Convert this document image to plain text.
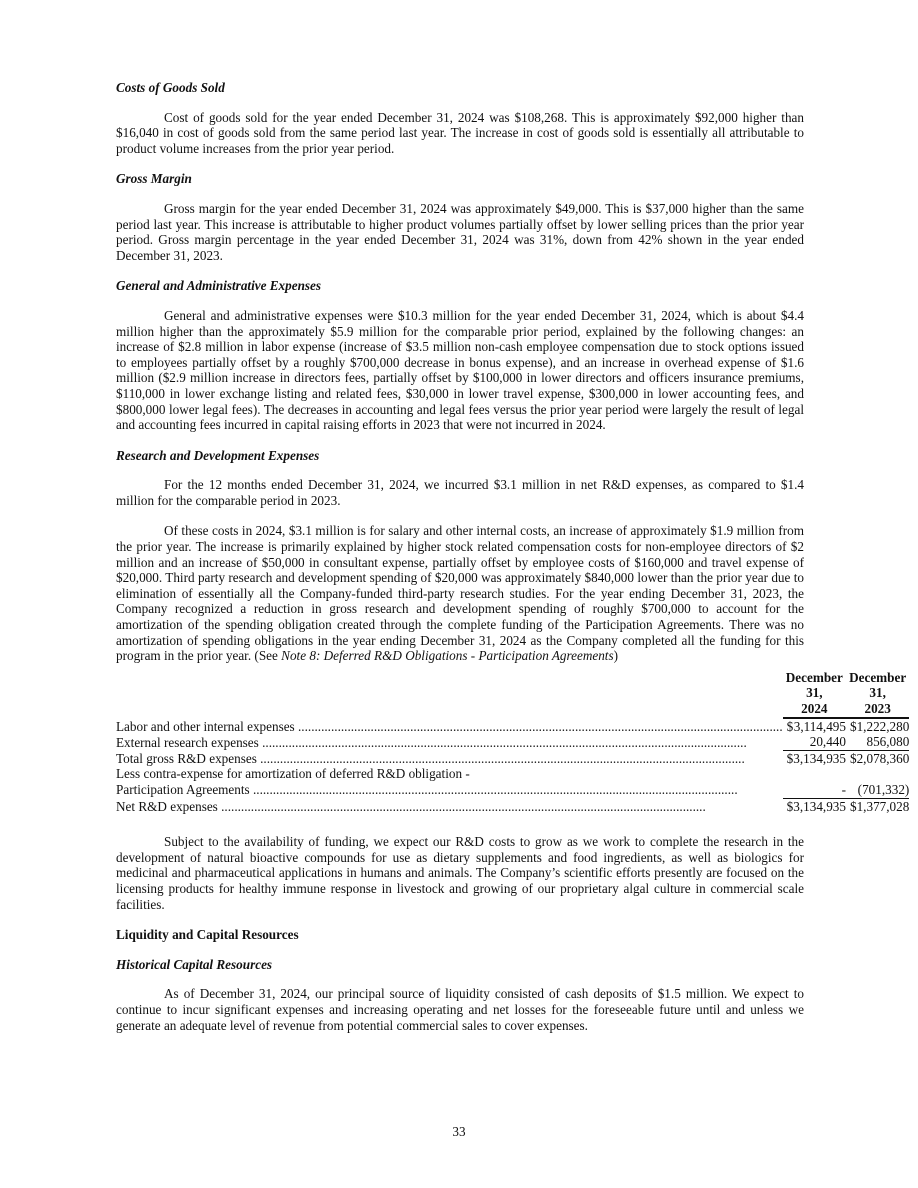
Costs of Goods Sold

Cost of goods sold for the year ended December 31, 2024 was $108,268. This is approximately $92,000 higher than $16,040 in cost of goods sold from the same period last year. The increase in cost of goods sold is essentially all attributable to product volume increases from the prior year period.

Gross Margin

Gross margin for the year ended December 31, 2024 was approximately $49,000. This is $37,000 higher than the same period last year. This increase is attributable to higher product volumes partially offset by lower selling prices than the prior year period. Gross margin percentage in the year ended December 31, 2024 was 31%, down from 42% shown in the year ended December 31, 2023.

General and Administrative Expenses

General and administrative expenses were $10.3 million for the year ended December 31, 2024, which is about $4.4 million higher than the approximately $5.9 million for the comparable prior period, explained by the following changes: an increase of $2.8 million in labor expense (increase of $3.5 million non-cash employee compensation due to stock options issued to employees partially offset by a roughly $700,000 decrease in bonus expense), and an increase in overhead expense of $1.6 million ($2.9 million increase in directors fees, partially offset by $100,000 in lower directors and officers insurance premiums, $110,000 in lower exchange listing and related fees, $30,000 in lower travel expense, $300,000 in lower accounting fees, and $800,000 lower legal fees). The decreases in accounting and legal fees versus the prior year period were largely the result of legal and accounting fees incurred in capital raising efforts in 2023 that were not incurred in 2024.

Research and Development Expenses

For the 12 months ended December 31, 2024, we incurred $3.1 million in net R&D expenses, as compared to $1.4 million for the comparable period in 2023.

Of these costs in 2024, $3.1 million is for salary and other internal costs, an increase of approximately $1.9 million from the prior year. The increase is primarily explained by higher stock related compensation costs for non-employee directors of $2 million and an increase of $50,000 in consultant expense, partially offset by employee costs of $160,000 and travel expense of $20,000. Third party research and development spending of $20,000 was approximately $840,000 lower than the prior year due to elimination of essentially all the Company-funded third-party research studies. For the year ending December 31, 2023, the Company recognized a reduction in gross research and development spending of roughly $700,000 to account for the amortization of the spending obligation created through the complete funding of the Participation Agreements. There was no amortization of spending obligations in the year ending December 31, 2024 as the Company completed all the funding for this program in the prior year. (See Note 8: Deferred R&D Obligations - Participation Agreements)

December 31,
2024

December 31,
2023

Labor and other internal expenses .....	$	3,114,495		$	1,222,280
External research expenses .....		20,440			856,080
Total gross R&D expenses .....	$	3,134,935		$	2,078,360
Less contra-expense for amortization of deferred R&D obligation -					
Participation Agreements .....		-			(701,332)
Net R&D expenses .....	$	3,134,935		$	1,377,028

Subject to the availability of funding, we expect our R&D costs to grow as we work to complete the research in the development of natural bioactive compounds for use as dietary supplements and food ingredients, as well as biologics for medicinal and pharmaceutical applications in humans and animals. The Company’s scientific efforts presently are focused on the licensing products for healthy immune response in livestock and growing of our proprietary algal culture in commercial scale facilities.

Liquidity and Capital Resources

Historical Capital Resources

As of December 31, 2024, our principal source of liquidity consisted of cash deposits of $1.5 million. We expect to continue to incur significant expenses and increasing operating and net losses for the foreseeable future until and unless we generate an adequate level of revenue from potential commercial sales to cover expenses.

33
